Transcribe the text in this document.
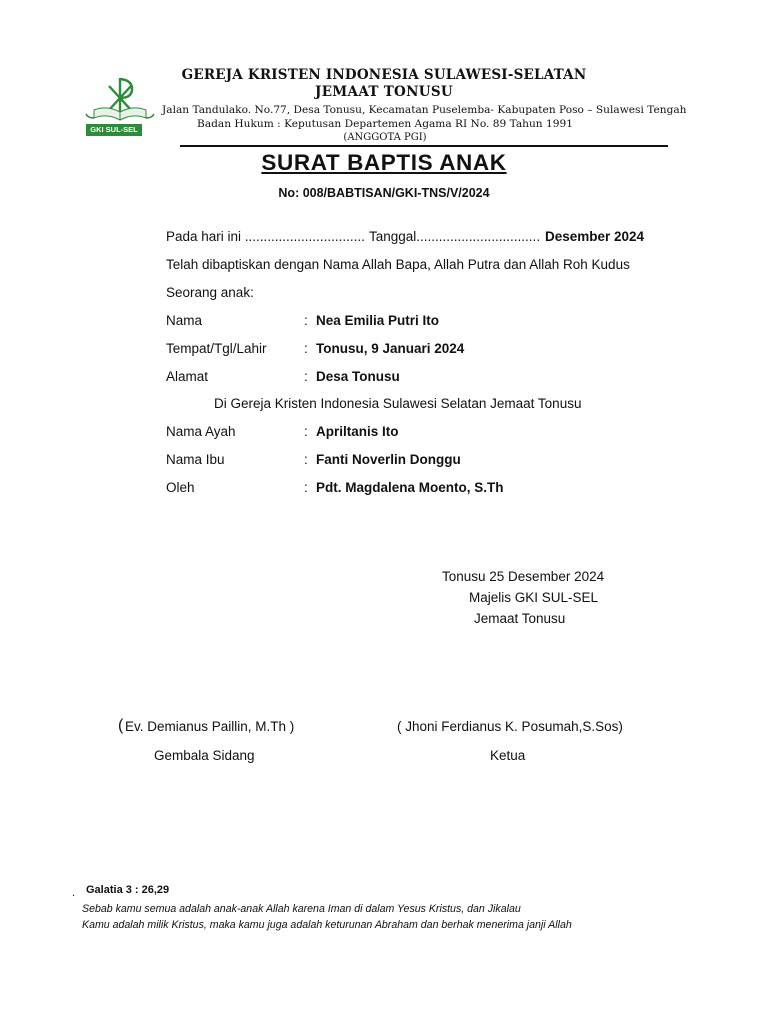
GKI SUL-SEL
GEREJA KRISTEN INDONESIA SULAWESI-SELATAN
JEMAAT TONUSU
Jalan Tandulako. No.77, Desa Tonusu, Kecamatan Puselemba- Kabupaten Poso – Sulawesi Tengah
Badan Hukum : Keputusan Departemen Agama RI No. 89 Tahun 1991
(ANGGOTA PGI)
SURAT BAPTIS ANAK
No: 008/BABTISAN/GKI-TNS/V/2024
Pada hari ini ................................ Tanggal................................. Desember 2024
Telah dibaptiskan dengan Nama Allah Bapa, Allah Putra dan Allah Roh Kudus
Seorang anak:
Nama	: Nea Emilia Putri Ito
Tempat/Tgl/Lahir	: Tonusu, 9 Januari 2024
Alamat	: Desa Tonusu
Di Gereja Kristen Indonesia Sulawesi Selatan Jemaat Tonusu
Nama Ayah	: Apriltanis Ito
Nama Ibu	: Fanti Noverlin Donggu
Oleh	: Pdt. Magdalena Moento, S.Th
Tonusu 25 Desember 2024
Majelis GKI SUL-SEL
Jemaat Tonusu
( Ev. Demianus Paillin, M.Th )
Gembala Sidang
( Jhoni Ferdianus K. Posumah,S.Sos)
Ketua
. Galatia 3 : 26,29
Sebab kamu semua adalah anak-anak Allah karena Iman di dalam Yesus Kristus, dan Jikalau
Kamu adalah milik Kristus, maka kamu juga adalah keturunan Abraham dan berhak menerima janji Allah
